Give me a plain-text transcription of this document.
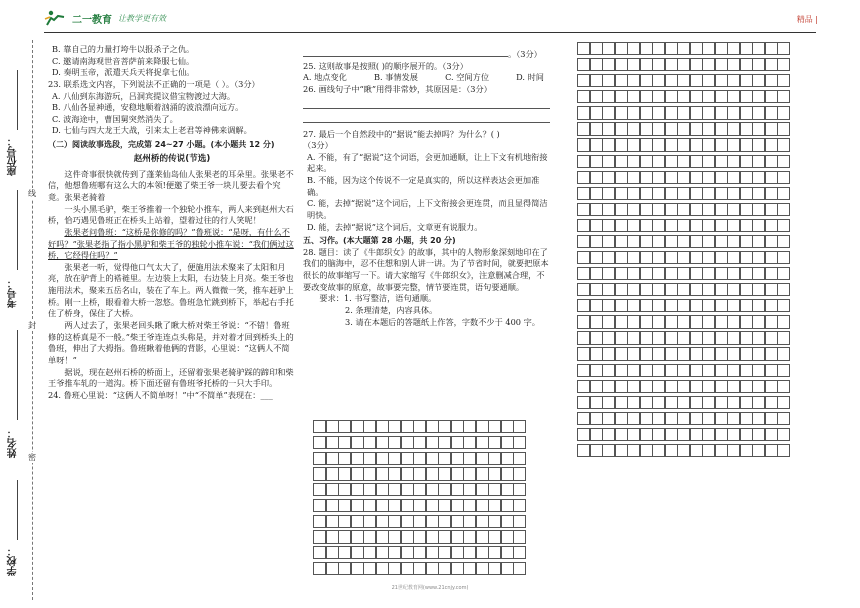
二一教育 让教学更有效	精品 |
座位号：
考号：
姓名：
学校：
线
封
密

B. 靠自己的力量打垮牛以报杀子之仇。

C. 邀请南海观世音菩萨前来降服七仙。

D. 奏明玉帝，派遣天兵天将捉拿七仙。

23. 联系选文内容，下列说法不正确的一项是（ ）。（3分）

A. 八仙到东海游玩，吕洞宾提议借宝物渡过大海。

B. 八仙各显神通，安稳地顺着汹涌的波浪漂向远方。

C. 波海途中，曹国舅突然消失了。

D. 七仙与四大龙王大战，引来太上老君等神佛来调解。

（二）阅读故事选段，完成第 24~27 小题。(本小题共 12 分)

赵州桥的传说(节选)

这件奇事很快就传到了蓬莱仙岛仙人张果老的耳朵里。张果老不信，他想鲁班哪有这么大的本领!便邀了柴王爷一块儿要去看个究竟。张果老骑着

一头小黑毛驴，柴王爷推着一个独轮小推车，两人来到赵州大石桥，恰巧遇见鲁班正在桥头上站着，望着过往的行人笑呢！

张果老问鲁班：“这桥是你修的吗？”鲁班说：“是呀，有什么不好吗？”张果老指了指小黑驴和柴王爷的独轮小推车说：“我们俩过这桥，它经得住吗？”

张果老一听，觉得他口气太大了，便施用法术聚来了太阳和月亮，放在驴背上的褡裢里。左边装上太阳，右边装上月亮。柴王爷也施用法术，聚来五岳名山，装在了车上。两人微微一笑，推车赶驴上桥。刚一上桥，眼看着大桥一忽悠。鲁班急忙跳到桥下，举起右手托住了桥身，保住了大桥。

两人过去了，张果老回头瞅了瞅大桥对柴王爷说：“不错！鲁班修的这桥真是不一般。”柴王爷连连点头称是，并对着才回到桥头上的鲁班，伸出了大拇指。鲁班瞅着他俩的背影，心里说：“这俩人不简单呀！”

据说，现在赵州石桥的桥面上，还留着张果老骑驴踩的蹄印和柴王爷推车轧的一道沟。桥下面还留有鲁班爷托桥的一只大手印。

24. 鲁班心里说：“这俩人不简单呀！”中“不简单”表现在：___

。（3分）

25. 这则故事是按照( )的顺序展开的。（3分）

A. 地点变化	B. 事情发展	C. 空间方位	D. 时间

26. 画线句子中“瞅”用得非常妙，其原因是：（3分）

27. 最后一个自然段中的“据说”能去掉吗？为什么？( )

（3分）

A. 不能，有了“据说”这个词语，会更加通顺，让上下文有机地衔接起来。

B. 不能，因为这个传说不一定是真实的，所以这样表达会更加准确。

C. 能，去掉“据说”这个词后，上下文衔接会更连贯，而且显得简洁明快。

D. 能，去掉“据说”这个词后，文章更有说服力。

五、习作。(本大题第 28 小题，共 20 分)

28. 题目：读了《牛郎织女》的故事，其中的人物形象深刻地印在了我们的脑海中，忍不住想和别人讲一讲。为了节省时间，就要把原本很长的故事缩写一下。请大家缩写《牛郎织女》，注意删减合理，不要改变故事的原意，故事要完整，情节要连贯，语句要通顺。

要求：1. 书写整洁，语句通顺。

2. 条理清楚，内容具体。

3. 请在本题后的答题纸上作答，字数不少于 400 字。

21世纪教育网(www.21cnjy.com)
